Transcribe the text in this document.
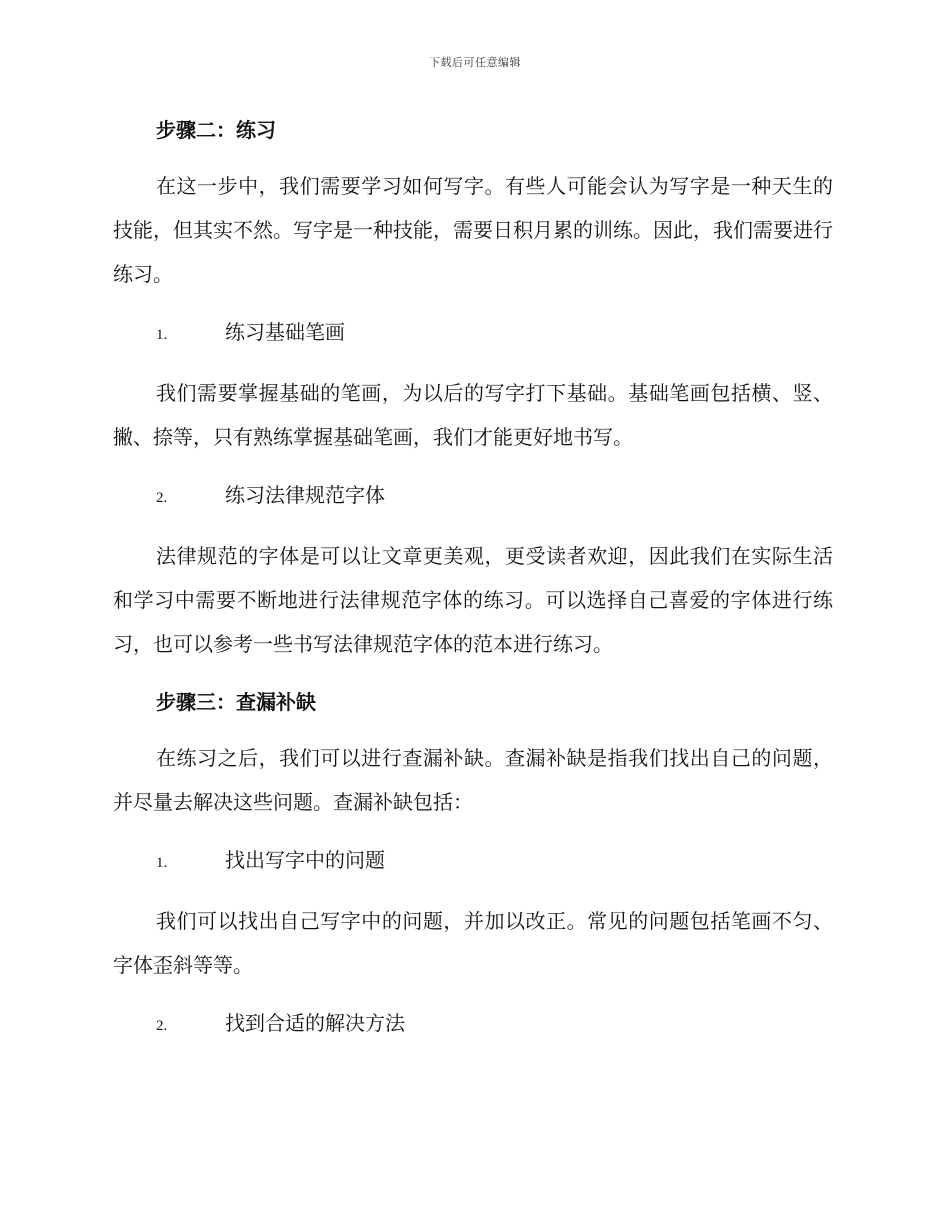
下载后可任意编辑
步骤二：练习

在这一步中，我们需要学习如何写字。有些人可能会认为写字是一种天生的技能，但其实不然。写字是一种技能，需要日积月累的训练。因此，我们需要进行练习。

1.	练习基础笔画

我们需要掌握基础的笔画，为以后的写字打下基础。基础笔画包括横、竖、撇、捺等，只有熟练掌握基础笔画，我们才能更好地书写。

2.	练习法律规范字体

法律规范的字体是可以让文章更美观，更受读者欢迎，因此我们在实际生活和学习中需要不断地进行法律规范字体的练习。可以选择自己喜爱的字体进行练习，也可以参考一些书写法律规范字体的范本进行练习。

步骤三：查漏补缺

在练习之后，我们可以进行查漏补缺。查漏补缺是指我们找出自己的问题，并尽量去解决这些问题。查漏补缺包括：

1.	找出写字中的问题

我们可以找出自己写字中的问题，并加以改正。常见的问题包括笔画不匀、字体歪斜等等。

2.	找到合适的解决方法
